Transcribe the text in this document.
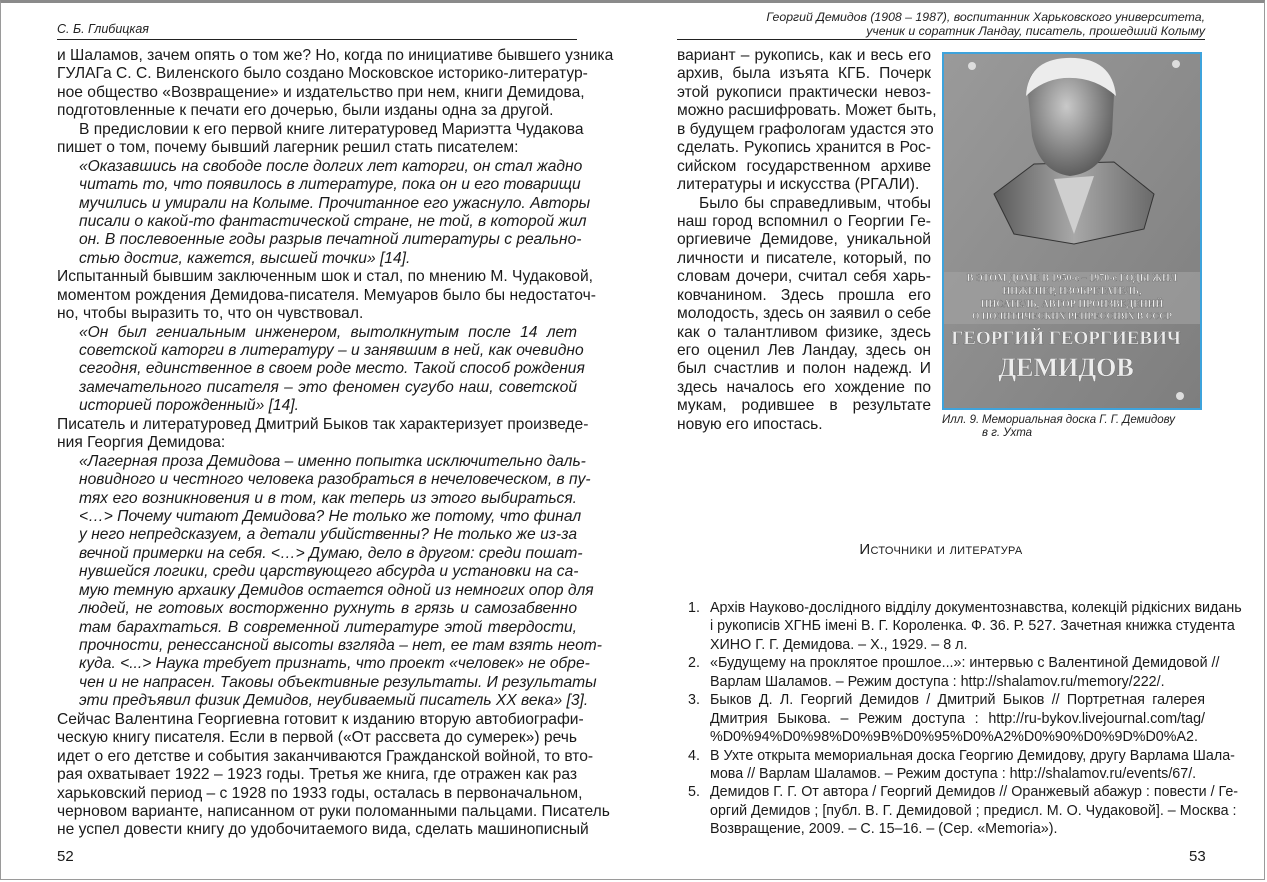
С. Б. Глибицкая
и Шаламов, зачем опять о том же? Но, когда по инициативе бывшего узника
ГУЛАГа С. С. Виленского было создано Московское историко-литератур-
ное общество «Возвращение» и издательство при нем, книги Демидова,
подготовленные к печати его дочерью, были изданы одна за другой.
В предисловии к его первой книге литературовед Мариэтта Чудакова
пишет о том, почему бывший лагерник решил стать писателем:
«Оказавшись на свободе после долгих лет каторги, он стал жадно
читать то, что появилось в литературе, пока он и его товарищи
мучились и умирали на Колыме. Прочитанное его ужаснуло. Авторы
писали о какой-то фантастической стране, не той, в которой жил
он. В послевоенные годы разрыв печатной литературы с реально-
стью достиг, кажется, высшей точки» [14].
Испытанный бывшим заключенным шок и стал, по мнению М. Чудаковой,
моментом рождения Демидова-писателя. Мемуаров было бы недостаточ-
но, чтобы выразить то, что он чувствовал.
«Он был гениальным инженером, вытолкнутым после 14 лет
советской каторги в литературу – и занявшим в ней, как очевидно
сегодня, единственное в своем роде место. Такой способ рождения
замечательного писателя – это феномен сугубо наш, советской
историей порожденный» [14].
Писатель и литературовед Дмитрий Быков так характеризует произведе-
ния Георгия Демидова:
«Лагерная проза Демидова – именно попытка исключительно даль-
новидного и честного человека разобраться в нечеловеческом, в пу-
тях его возникновения и в том, как теперь из этого выбираться.
<…> Почему читают Демидова? Не только же потому, что финал
у него непредсказуем, а детали убийственны? Не только же из-за
вечной примерки на себя. <…> Думаю, дело в другом: среди пошат-
нувшейся логики, среди царствующего абсурда и установки на са-
мую темную архаику Демидов остается одной из немногих опор для
людей, не готовых восторженно рухнуть в грязь и самозабвенно
там барахтаться. В современной литературе этой твердости,
прочности, ренессансной высоты взгляда – нет, ее там взять неот-
куда. <...> Наука требует признать, что проект «человек» не обре-
чен и не напрасен. Таковы объективные результаты. И результаты
эти предъявил физик Демидов, неубиваемый писатель XX века» [3].
Сейчас Валентина Георгиевна готовит к изданию вторую автобиографи-
ческую книгу писателя. Если в первой («От рассвета до сумерек») речь
идет о его детстве и события заканчиваются Гражданской войной, то вто-
рая охватывает 1922 – 1923 годы. Третья же книга, где отражен как раз
харьковский период – с 1928 по 1933 годы, осталась в первоначальном,
черновом варианте, написанном от руки поломанными пальцами. Писатель
не успел довести книгу до удобочитаемого вида, сделать машинописный
52
Георгий Демидов (1908 – 1987), воспитанник Харьковского университета,
ученик и соратник Ландау, писатель, прошедший Колыму
вариант – рукопись, как и весь его
архив, была изъята КГБ. Почерк
этой рукописи практически невоз-
можно расшифровать. Может быть,
в будущем графологам удастся это
сделать. Рукопись хранится в Рос-
сийском государственном архиве
литературы и искусства (РГАЛИ).
Было бы справедливым, чтобы
наш город вспомнил о Георгии Ге-
оргиевиче Демидове, уникальной
личности и писателе, который, по
словам дочери, считал себя харь-
ковчанином. Здесь прошла его
молодость, здесь он заявил о себе
как о талантливом физике, здесь
его оценил Лев Ландау, здесь он
был счастлив и полон надежд. И
здесь началось его хождение по
мукам, родившее в результате
новую его ипостась.
В ЭТОМ ДОМЕ В 1950-е – 1970-е ГОДЫ ЖИЛ
ИНЖЕНЕР, ИЗОБРЕТАТЕЛЬ,
ПИСАТЕЛЬ, АВТОР ПРОИЗВЕДЕНИЙ
О ПОЛИТИЧЕСКИХ РЕПРЕССИЯХ В СССР
ГЕОРГИЙ ГЕОРГИЕВИЧ
ДЕМИДОВ
Илл. 9. Мемориальная доска Г. Г. Демидову
в г. Ухта
Источники и литература
1. Архів Науково-дослідного відділу документознавства, колекцій рідкісних видань
і рукописів ХГНБ імені В. Г. Короленка. Ф. 36. Р. 527. Зачетная книжка студента
ХИНО Г. Г. Демидова. – Х., 1929. – 8 л.
2. «Будущему на проклятое прошлое...»: интервью с Валентиной Демидовой //
Варлам Шаламов. – Режим доступа : http://shalamov.ru/memory/222/.
3. Быков Д. Л. Георгий Демидов / Дмитрий Быков // Портретная галерея
Дмитрия Быкова. – Режим доступа : http://ru-bykov.livejournal.com/tag/
%D0%94%D0%98%D0%9B%D0%95%D0%A2%D0%90%D0%9D%D0%A2.
4. В Ухте открыта мемориальная доска Георгию Демидову, другу Варлама Шала-
мова // Варлам Шаламов. – Режим доступа : http://shalamov.ru/events/67/.
5. Демидов Г. Г. От автора / Георгий Демидов // Оранжевый абажур : повести / Ге-
оргий Демидов ; [публ. В. Г. Демидовой ; предисл. М. О. Чудаковой]. – Москва :
Возвращение, 2009. – С. 15–16. – (Сер. «Memoria»).
53
